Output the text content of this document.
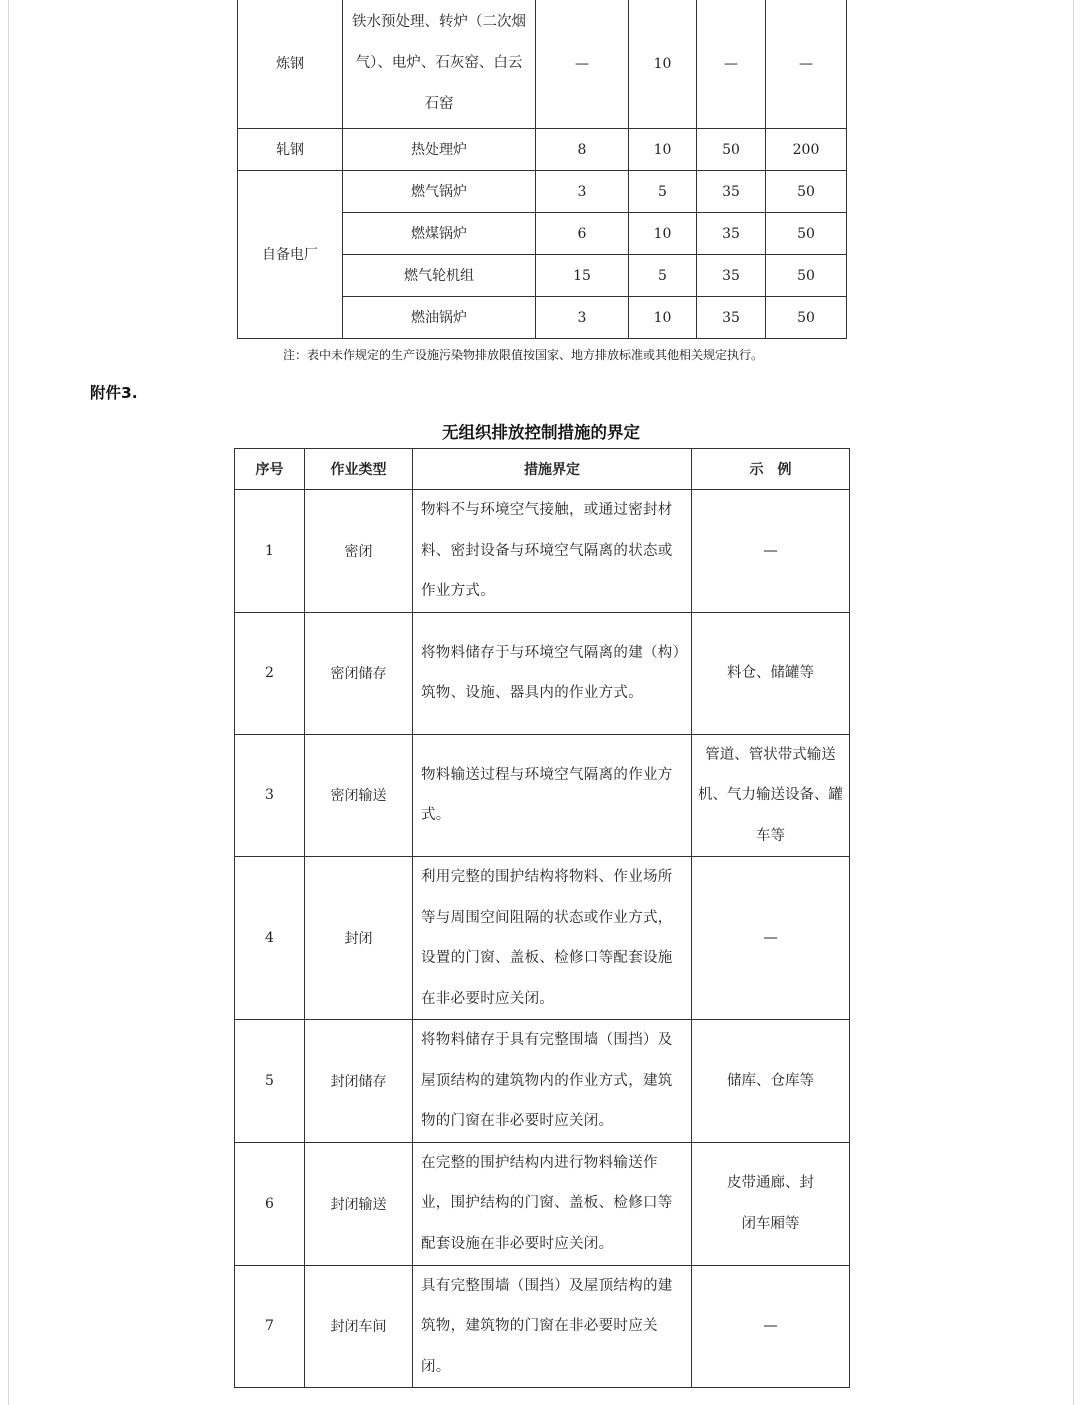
炼钢	铁水预处理、转炉（二次烟气）、电炉、石灰窑、白云石窑	—	10	—	—
轧钢	热处理炉	8	10	50	200
自备电厂	燃气锅炉	3	5	35	50
	燃煤锅炉	6	10	35	50
	燃气轮机组	15	5	35	50
	燃油锅炉	3	10	35	50
注：表中未作规定的生产设施污染物排放限值按国家、地方排放标准或其他相关规定执行。
附件3.
无组织排放控制措施的界定
序号	作业类型	措施界定	示　例
1	密闭	物料不与环境空气接触，或通过密封材料、密封设备与环境空气隔离的状态或作业方式。	—
2	密闭储存	将物料储存于与环境空气隔离的建（构）筑物、设施、器具内的作业方式。	料仓、储罐等
3	密闭输送	物料输送过程与环境空气隔离的作业方式。	管道、管状带式输送机、气力输送设备、罐车等
4	封闭	利用完整的围护结构将物料、作业场所等与周围空间阻隔的状态或作业方式，设置的门窗、盖板、检修口等配套设施在非必要时应关闭。	—
5	封闭储存	将物料储存于具有完整围墙（围挡）及屋顶结构的建筑物内的作业方式，建筑物的门窗在非必要时应关闭。	储库、仓库等
6	封闭输送	在完整的围护结构内进行物料输送作业，围护结构的门窗、盖板、检修口等配套设施在非必要时应关闭。	皮带通廊、封闭车厢等
7	封闭车间	具有完整围墙（围挡）及屋顶结构的建筑物，建筑物的门窗在非必要时应关闭。	—
